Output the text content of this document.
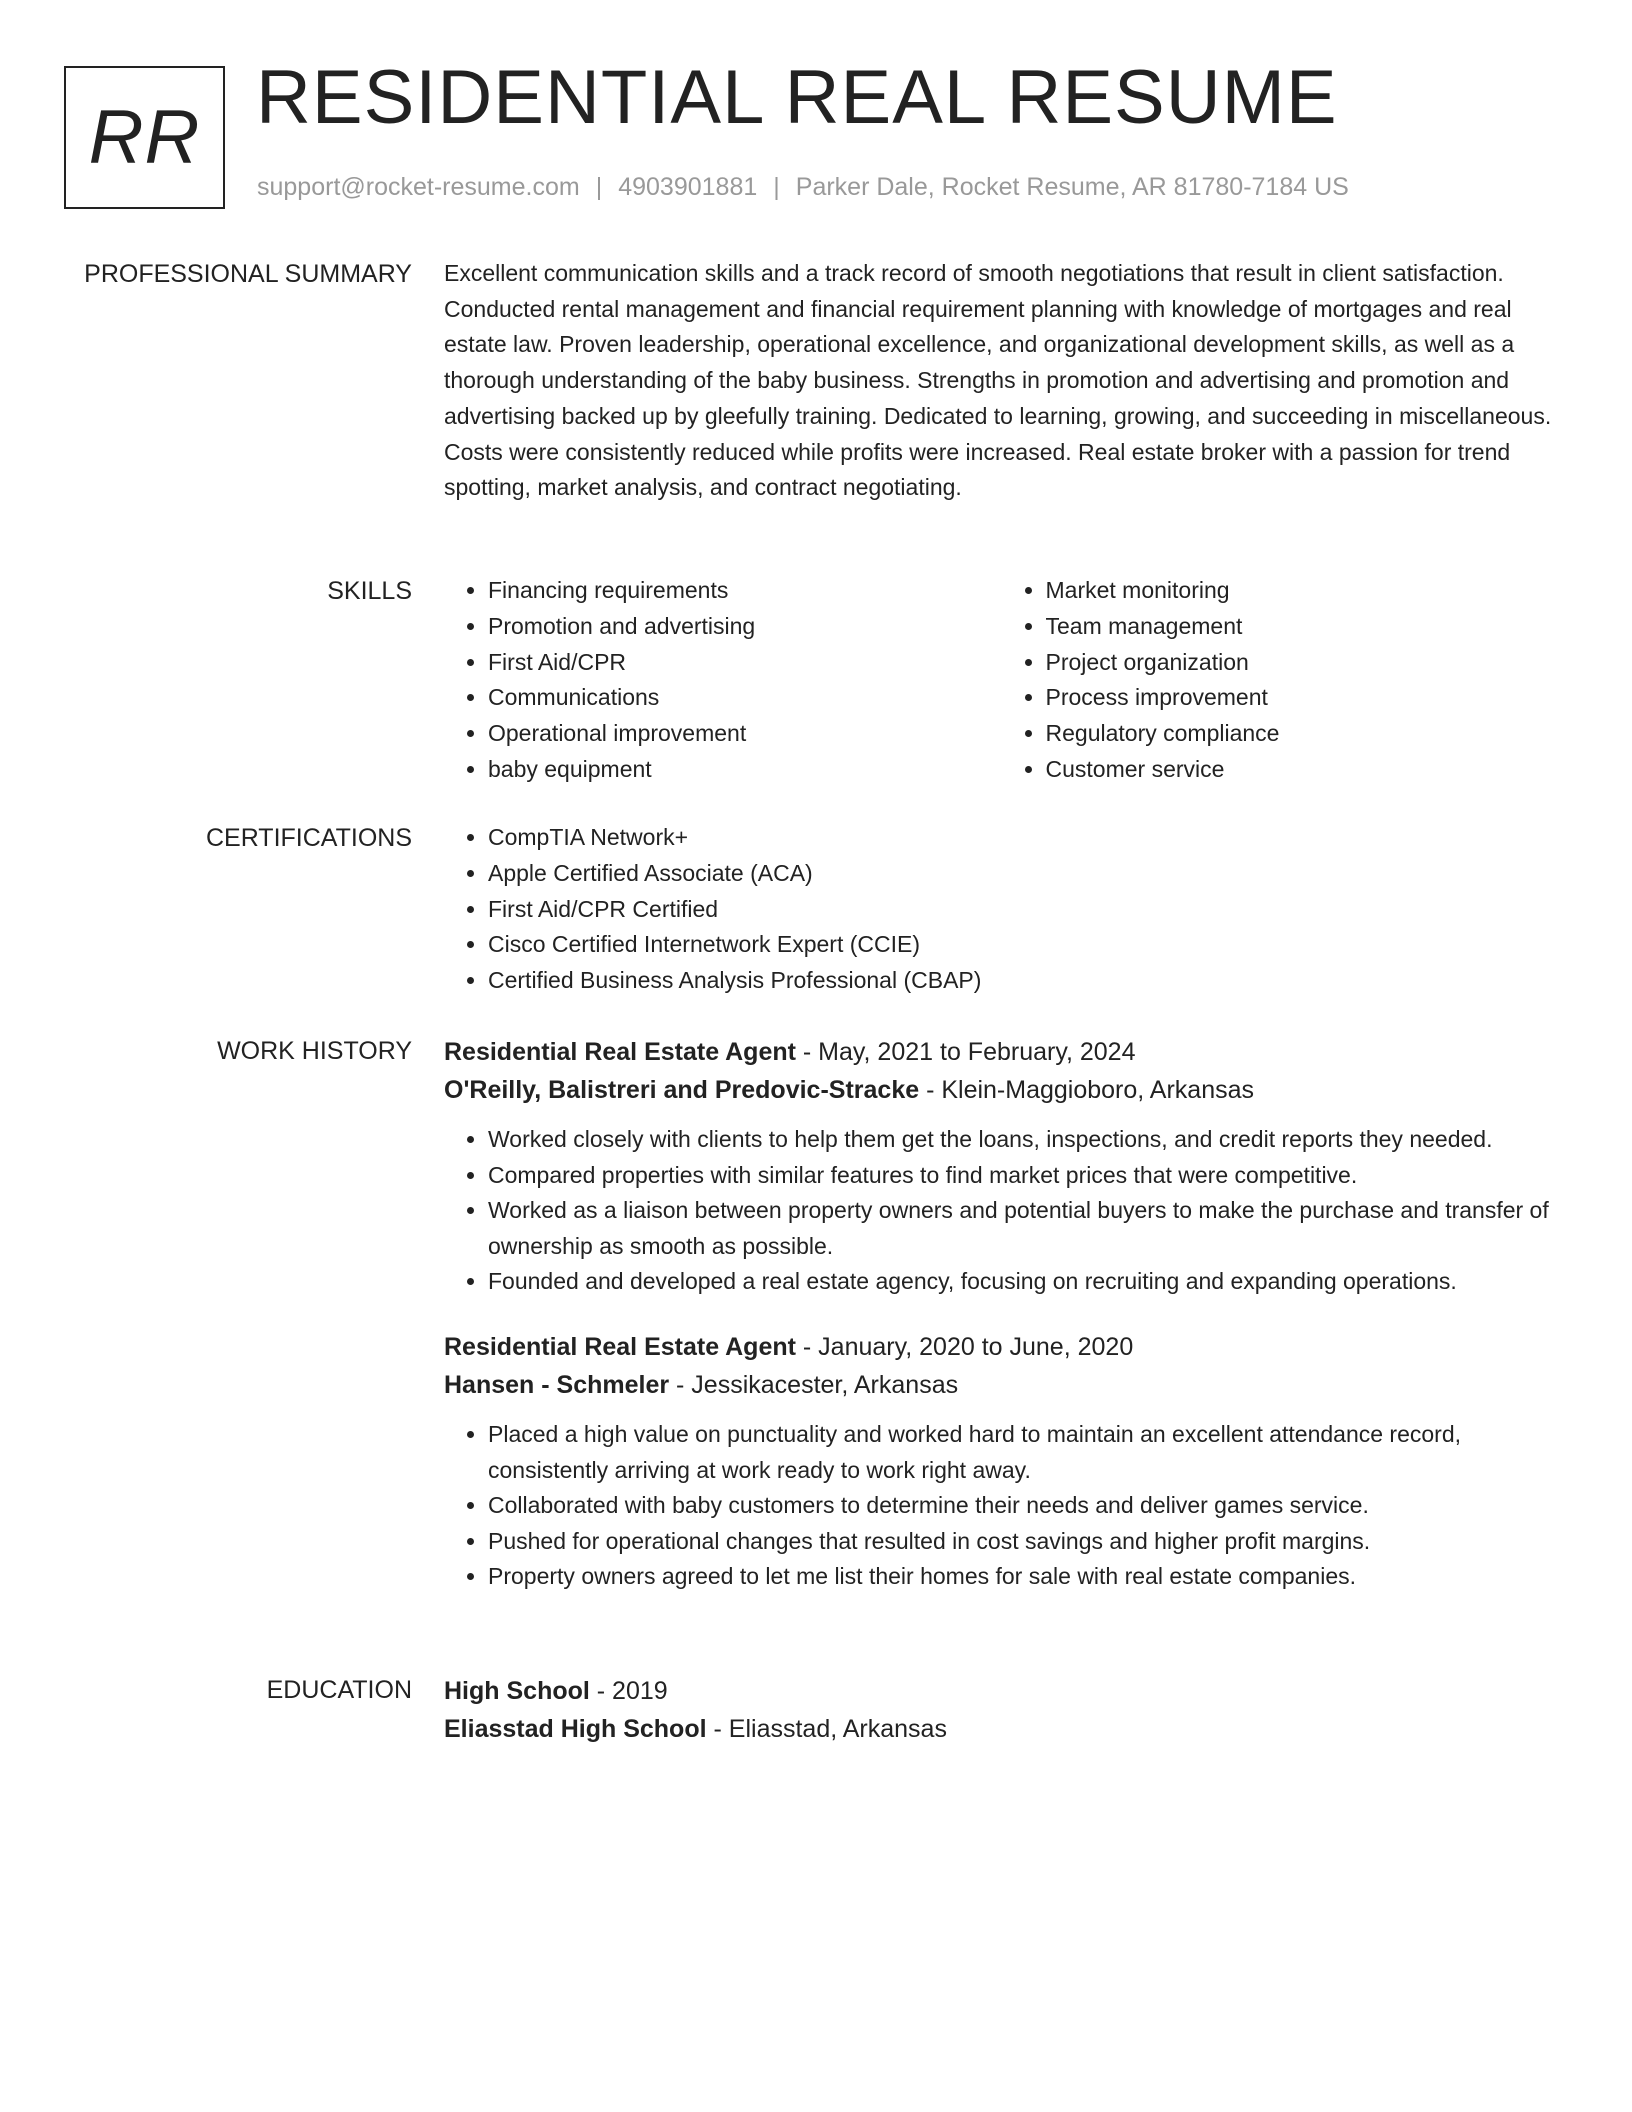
RR RESIDENTIAL REAL RESUME
support@rocket-resume.com | 4903901881 | Parker Dale, Rocket Resume, AR 81780-7184 US
PROFESSIONAL SUMMARY Excellent communication skills and a track record of smooth negotiations that result in client satisfaction. Conducted rental management and financial requirement planning with knowledge of mortgages and real estate law. Proven leadership, operational excellence, and organizational development skills, as well as a thorough understanding of the baby business. Strengths in promotion and advertising and promotion and advertising backed up by gleefully training. Dedicated to learning, growing, and succeeding in miscellaneous. Costs were consistently reduced while profits were increased. Real estate broker with a passion for trend spotting, market analysis, and contract negotiating.

SKILLS	• Financing requirements
• Promotion and advertising
• First Aid/CPR
• Communications
• Operational improvement
• baby equipment
• Market monitoring
• Team management
• Project organization
• Process improvement
• Regulatory compliance
• Customer service
CERTIFICATIONS	• CompTIA Network+
• Apple Certified Associate (ACA)
• First Aid/CPR Certified
• Cisco Certified Internetwork Expert (CCIE)
• Certified Business Analysis Professional (CBAP)
WORK HISTORY Residential Real Estate Agent - May, 2021 to February, 2024
O'Reilly, Balistreri and Predovic-Stracke - Klein-Maggioboro, Arkansas
• Worked closely with clients to help them get the loans, inspections, and credit reports they needed.
• Compared properties with similar features to find market prices that were competitive.
• Worked as a liaison between property owners and potential buyers to make the purchase and transfer of ownership as smooth as possible.
• Founded and developed a real estate agency, focusing on recruiting and expanding operations.
Residential Real Estate Agent - January, 2020 to June, 2020
Hansen - Schmeler - Jessikacester, Arkansas
• Placed a high value on punctuality and worked hard to maintain an excellent attendance record, consistently arriving at work ready to work right away.
• Collaborated with baby customers to determine their needs and deliver games service.
• Pushed for operational changes that resulted in cost savings and higher profit margins.
• Property owners agreed to let me list their homes for sale with real estate companies.
EDUCATION High School - 2019
Eliasstad High School - Eliasstad, Arkansas
